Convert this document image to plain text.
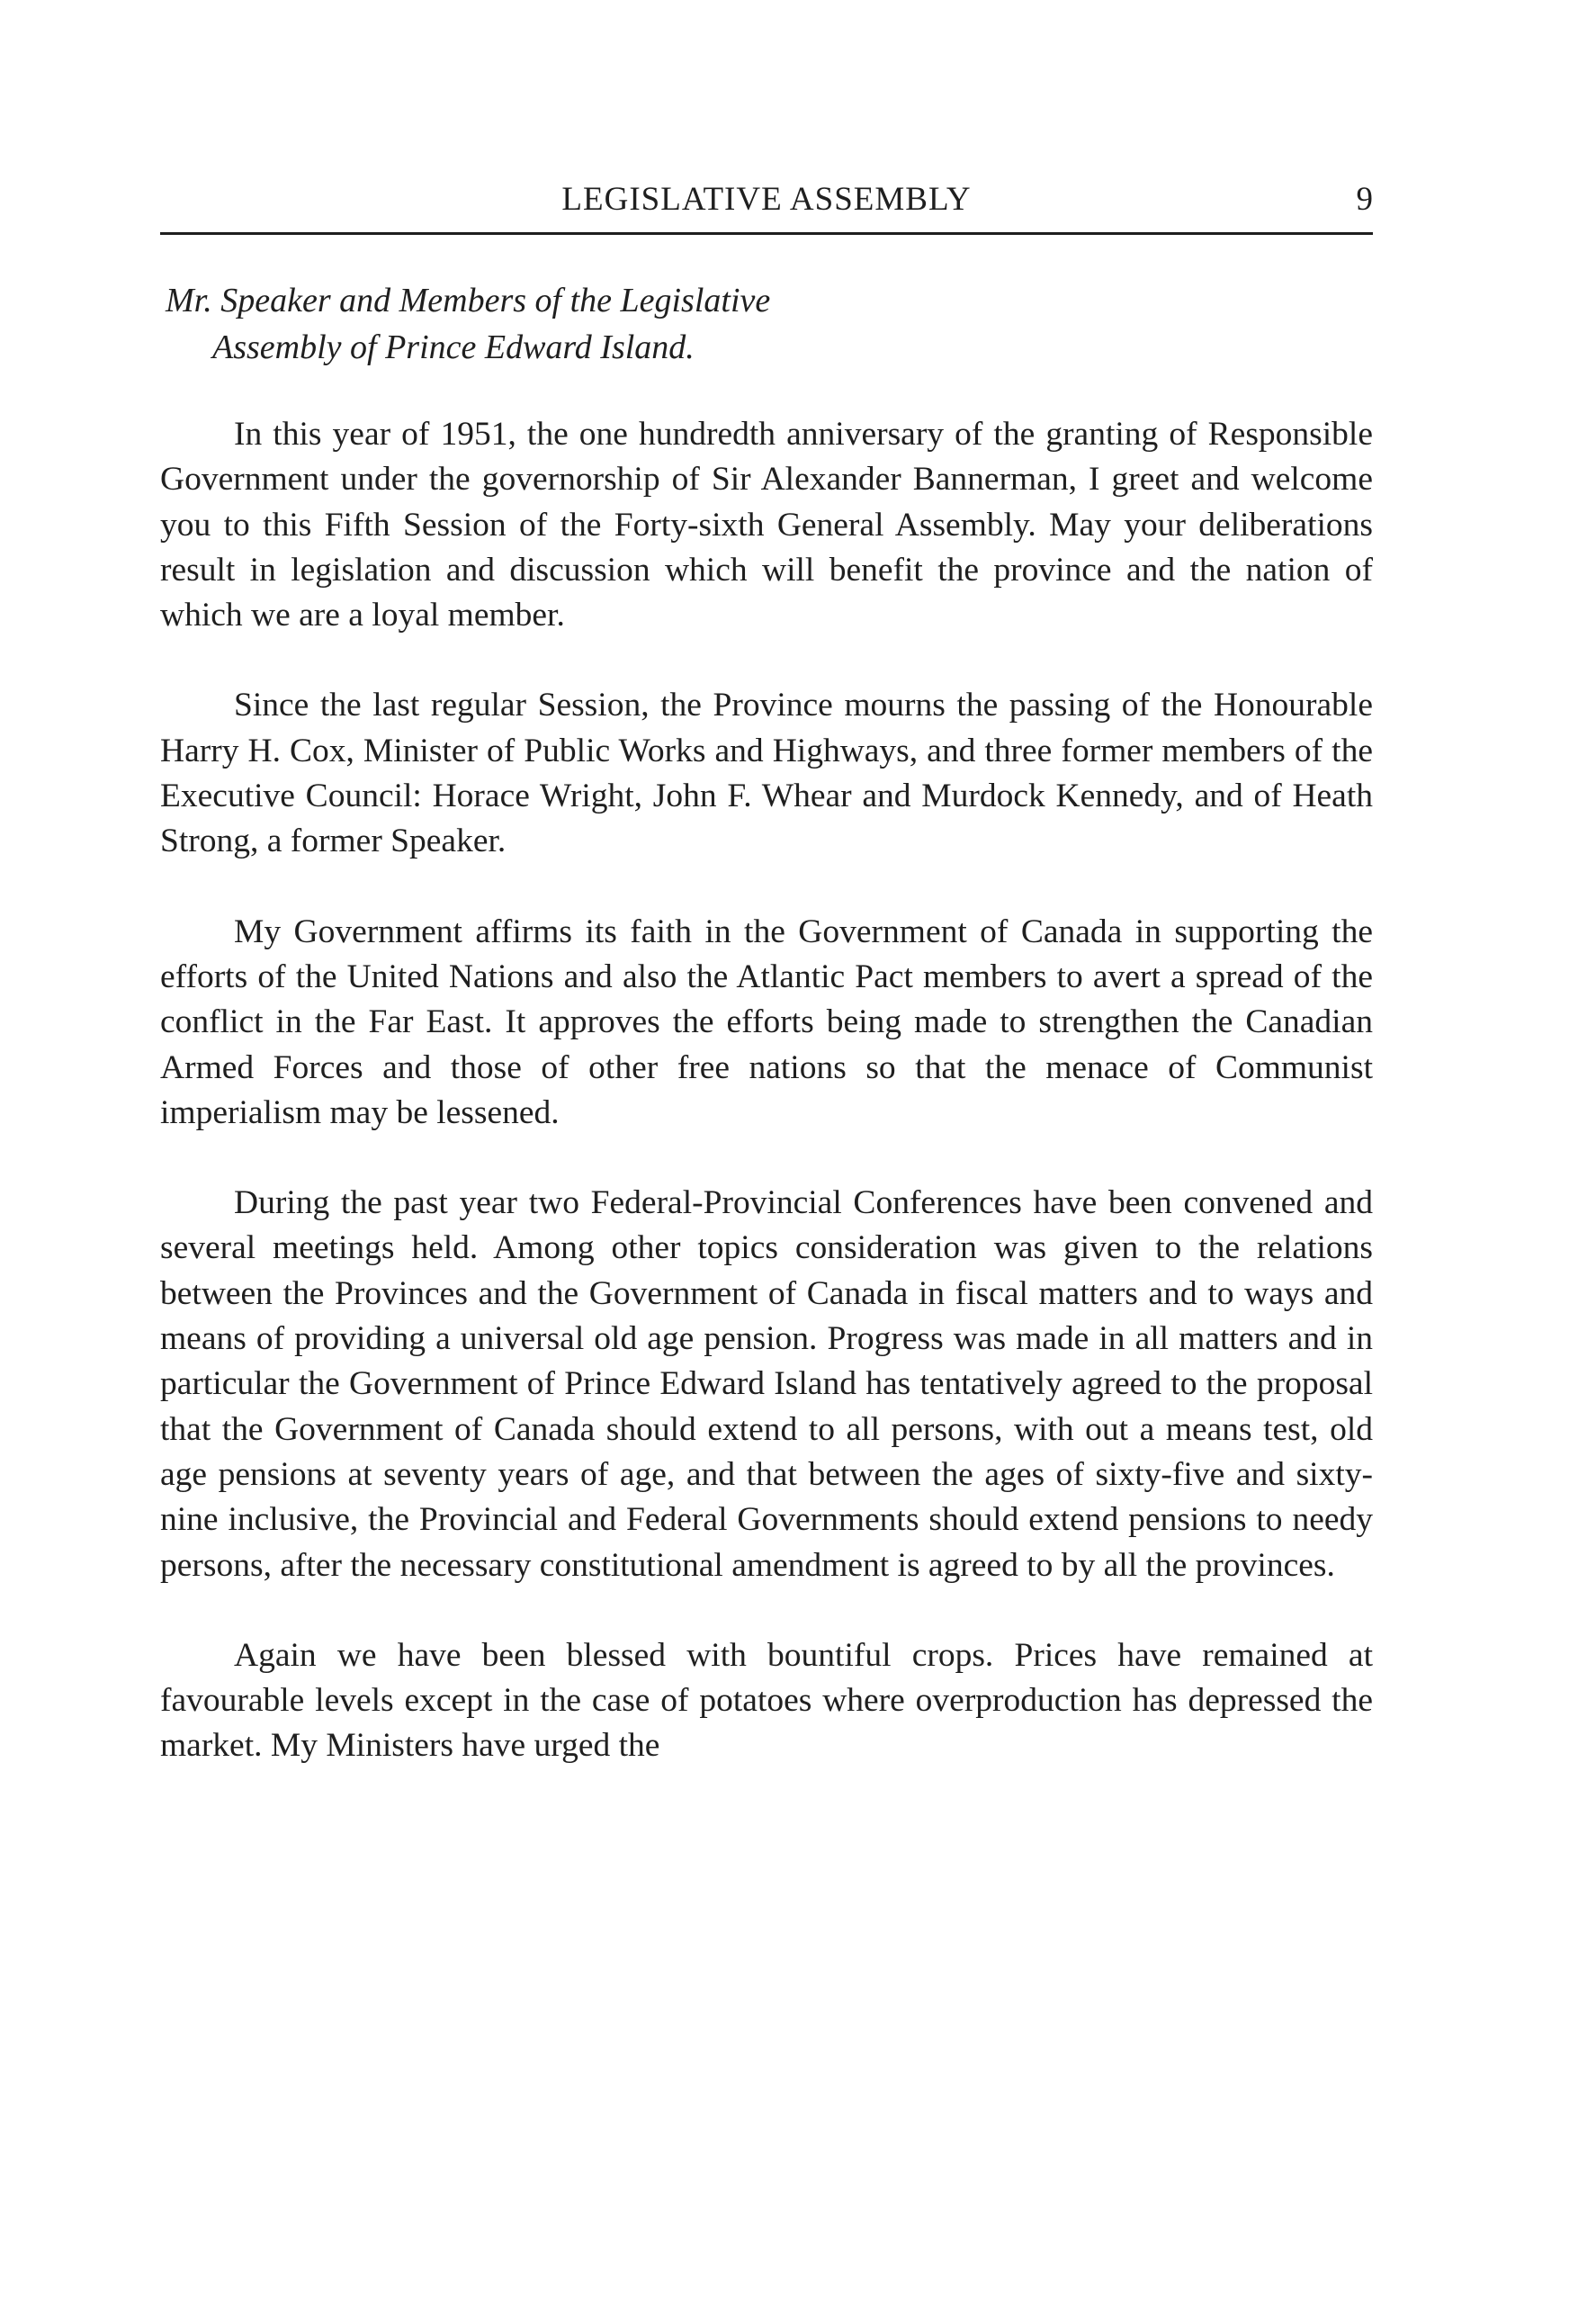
LEGISLATIVE ASSEMBLY	9
Mr. Speaker and Members of the Legislative
Assembly of Prince Edward Island.

In this year of 1951, the one hundredth anniversary of the granting of Responsible Government under the governorship of Sir Alexander Bannerman, I greet and welcome you to this Fifth Session of the Forty-sixth General Assembly. May your deliberations result in legislation and discussion which will benefit the province and the nation of which we are a loyal member.

Since the last regular Session, the Province mourns the passing of the Honourable Harry H. Cox, Minister of Public Works and Highways, and three former members of the Executive Council: Horace Wright, John F. Whear and Murdock Kennedy, and of Heath Strong, a former Speaker.

My Government affirms its faith in the Government of Canada in supporting the efforts of the United Nations and also the Atlantic Pact members to avert a spread of the conflict in the Far East. It approves the efforts being made to strengthen the Canadian Armed Forces and those of other free nations so that the menace of Communist imperialism may be lessened.

During the past year two Federal-Provincial Conferences have been convened and several meetings held. Among other topics consideration was given to the relations between the Provinces and the Government of Canada in fiscal matters and to ways and means of providing a universal old age pension. Progress was made in all matters and in particular the Government of Prince Edward Island has tentatively agreed to the proposal that the Government of Canada should extend to all persons, with out a means test, old age pensions at seventy years of age, and that between the ages of sixty-five and sixty-nine inclusive, the Provincial and Federal Governments should extend pensions to needy persons, after the necessary constitutional amendment is agreed to by all the provinces.

Again we have been blessed with bountiful crops. Prices have remained at favourable levels except in the case of potatoes where overproduction has depressed the market. My Ministers have urged the
